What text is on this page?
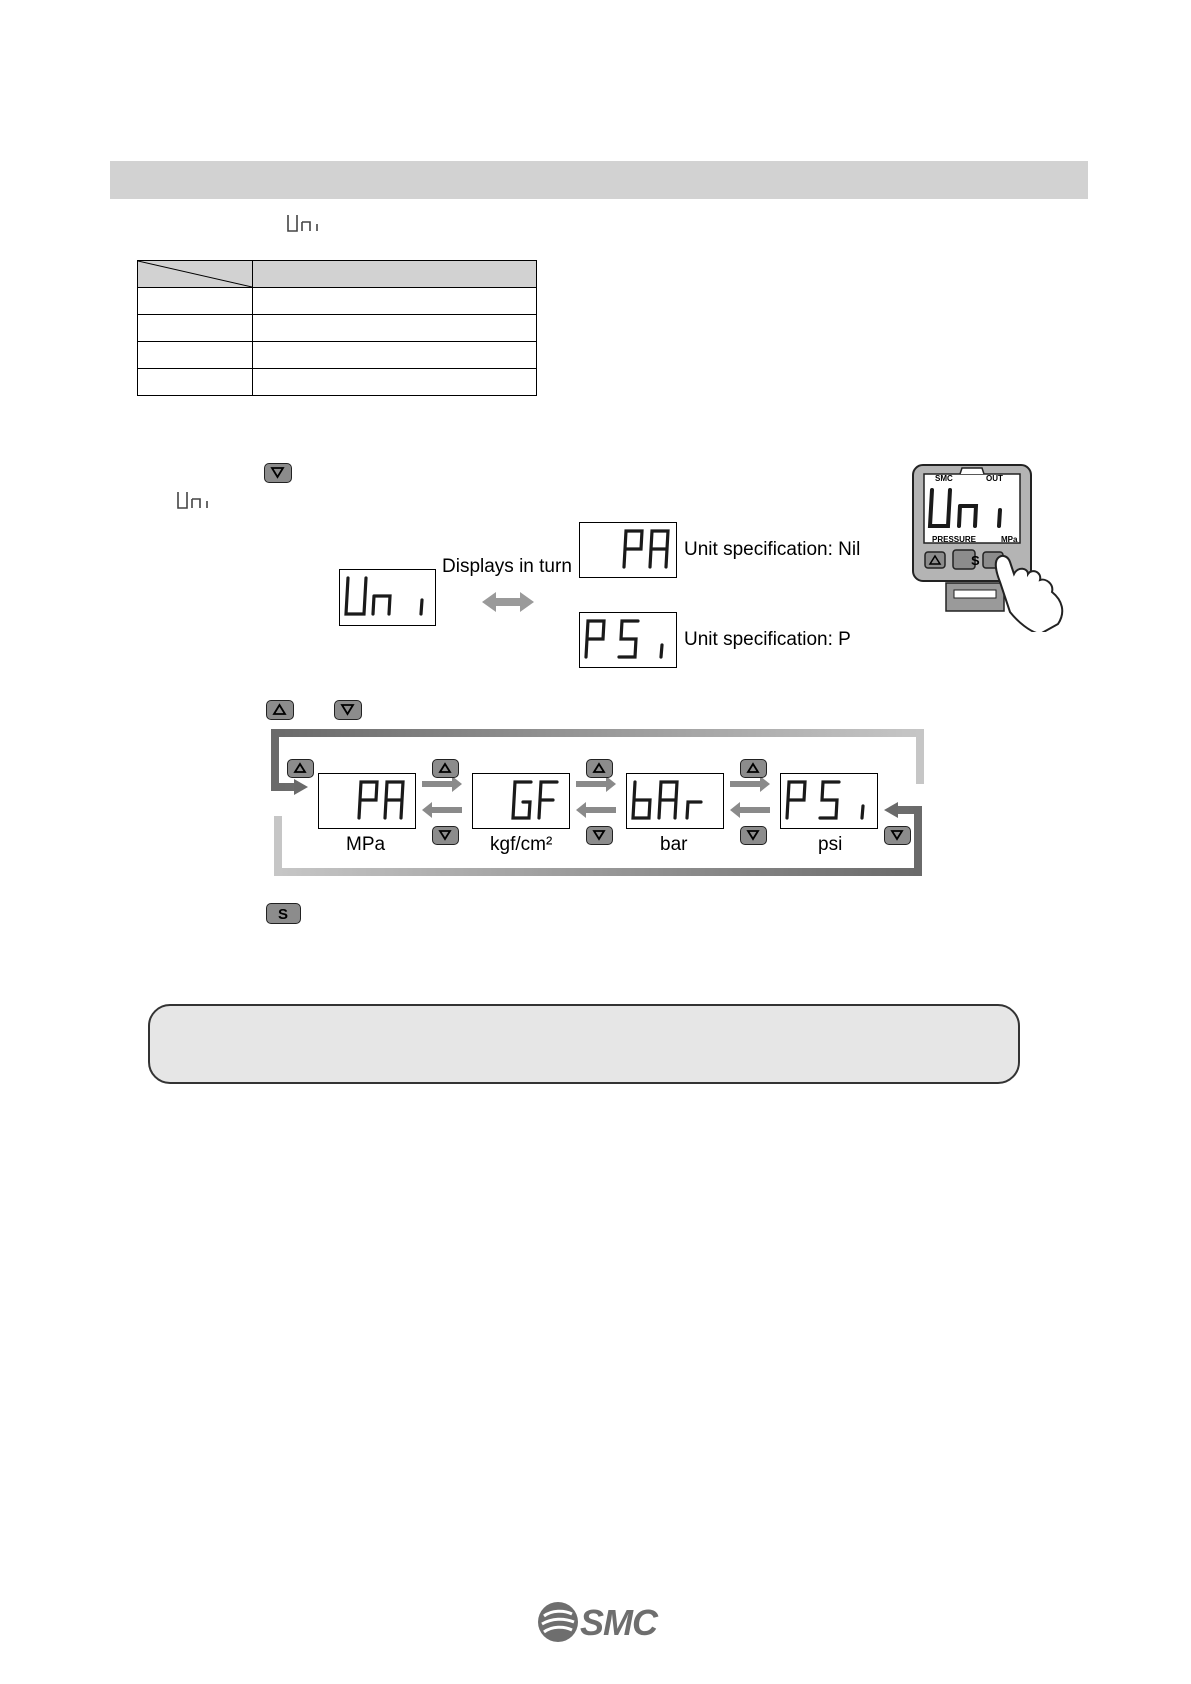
Displays in turn
Unit specification: Nil
Unit specification: P
SMC	OUT
PRESSURE	MPa
S
MPa	kgf/cm²	bar	psi
S
SMC
